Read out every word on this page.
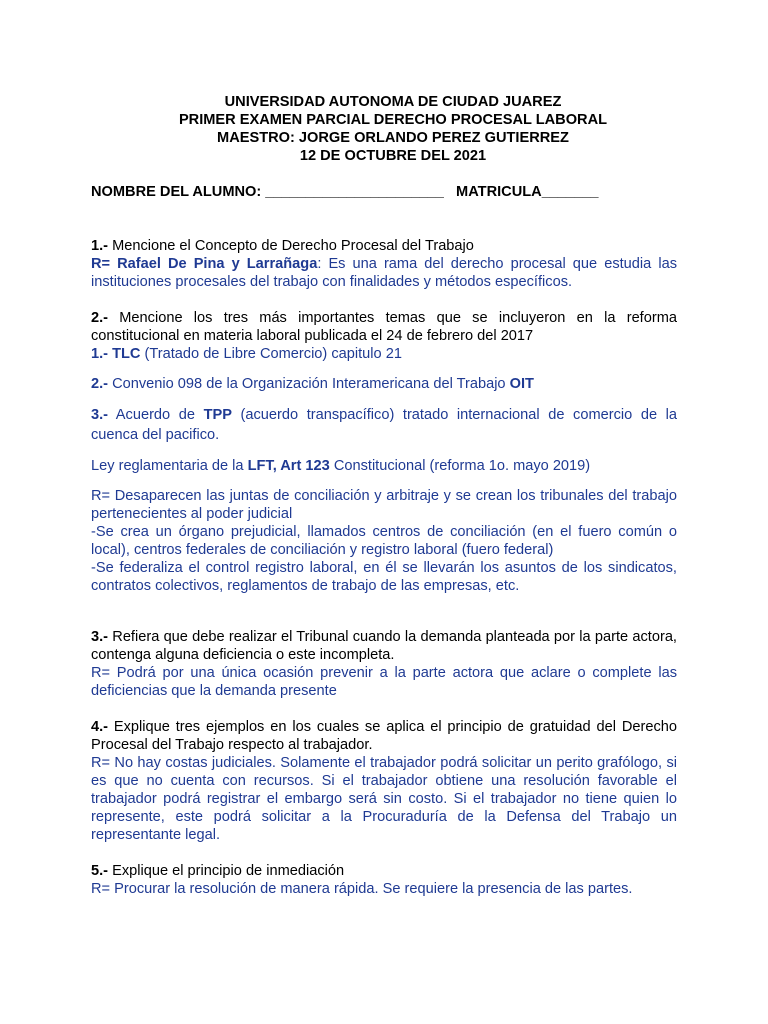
UNIVERSIDAD AUTONOMA DE CIUDAD JUAREZ
PRIMER EXAMEN PARCIAL DERECHO PROCESAL LABORAL
MAESTRO: JORGE ORLANDO PEREZ GUTIERREZ
12 DE OCTUBRE DEL 2021
NOMBRE DEL ALUMNO: ______________________ MATRICULA_______
1.- Mencione el Concepto de Derecho Procesal del Trabajo
R= Rafael De Pina y Larrañaga: Es una rama del derecho procesal que estudia las instituciones procesales del trabajo con finalidades y métodos específicos.
2.- Mencione los tres más importantes temas que se incluyeron en la reforma constitucional en materia laboral publicada el 24 de febrero del 2017
1.- TLC (Tratado de Libre Comercio) capitulo 21
2.- Convenio 098 de la Organización Interamericana del Trabajo OIT
3.- Acuerdo de TPP (acuerdo transpacífico) tratado internacional de comercio de la cuenca del pacifico.
Ley reglamentaria de la LFT, Art 123 Constitucional (reforma 1o. mayo 2019)
R= Desaparecen las juntas de conciliación y arbitraje y se crean los tribunales del trabajo pertenecientes al poder judicial
-Se crea un órgano prejudicial, llamados centros de conciliación (en el fuero común o local), centros federales de conciliación y registro laboral (fuero federal)
-Se federaliza el control registro laboral, en él se llevarán los asuntos de los sindicatos, contratos colectivos, reglamentos de trabajo de las empresas, etc.
3.- Refiera que debe realizar el Tribunal cuando la demanda planteada por la parte actora, contenga alguna deficiencia o este incompleta.
R= Podrá por una única ocasión prevenir a la parte actora que aclare o complete las deficiencias que la demanda presente
4.- Explique tres ejemplos en los cuales se aplica el principio de gratuidad del Derecho Procesal del Trabajo respecto al trabajador.
R= No hay costas judiciales. Solamente el trabajador podrá solicitar un perito grafólogo, si es que no cuenta con recursos. Si el trabajador obtiene una resolución favorable el trabajador podrá registrar el embargo será sin costo. Si el trabajador no tiene quien lo represente, este podrá solicitar a la Procuraduría de la Defensa del Trabajo un representante legal.
5.- Explique el principio de inmediación
R= Procurar la resolución de manera rápida. Se requiere la presencia de las partes.
